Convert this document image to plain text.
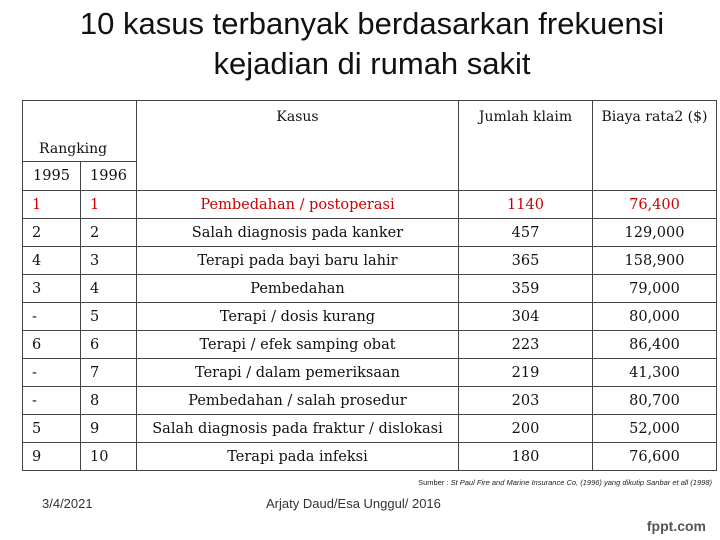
10 kasus terbanyak berdasarkan frekuensi
kejadian di rumah sakit
Rangking		Kasus	Jumlah klaim	Biaya rata2 ($)

1995	1996			
1	1	Pembedahan / postoperasi	1140	76,400
2	2	Salah diagnosis pada kanker	457	129,000
4	3	Terapi pada bayi baru lahir	365	158,900
3	4	Pembedahan	359	79,000
-	5	Terapi / dosis kurang	304	80,000
6	6	Terapi / efek samping obat	223	86,400
-	7	Terapi / dalam pemeriksaan	219	41,300
-	8	Pembedahan / salah prosedur	203	80,700
5	9	Salah diagnosis pada fraktur / dislokasi	200	52,000
9	10	Terapi pada infeksi	180	76,600
Sumber : St Paul Fire and Marine Insurance Co, (1996) yang dikutip Sanbar et all (1998)
3/4/2021	Arjaty Daud/Esa Unggul/ 2016
fppt.com
